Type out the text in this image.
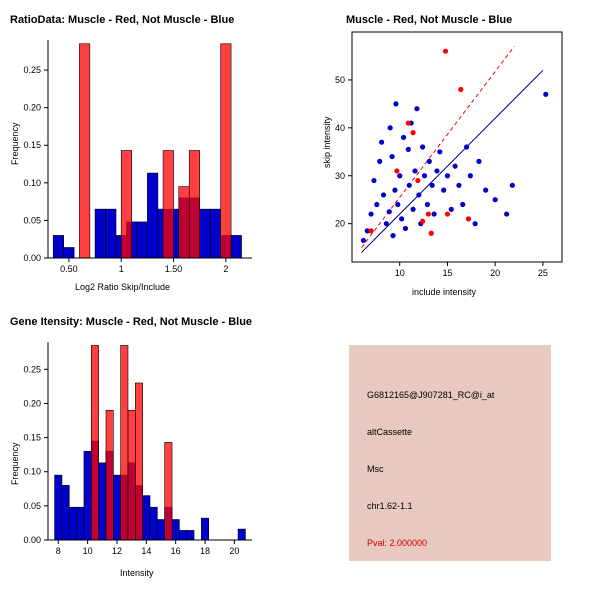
RatioData: Muscle - Red, Not Muscle - Blue
0.50	1	1.50	2
0.00
0.05
0.10
0.15
0.20
0.25
Log2 Ratio Skip/Include
Frequency
Muscle - Red, Not Muscle - Blue
10	15	20	25
20
30
40
50
include intensity
skip intensity
Gene Itensity: Muscle - Red, Not Muscle - Blue
8 10 12 14 16 18 20
0.00
0.05
0.10
0.15
0.20
0.25
Intensity
Frequency
G6812165@J907281_RC@i_at
altCassette
Msc
chr1.62-1.1
Pval: 2.000000
